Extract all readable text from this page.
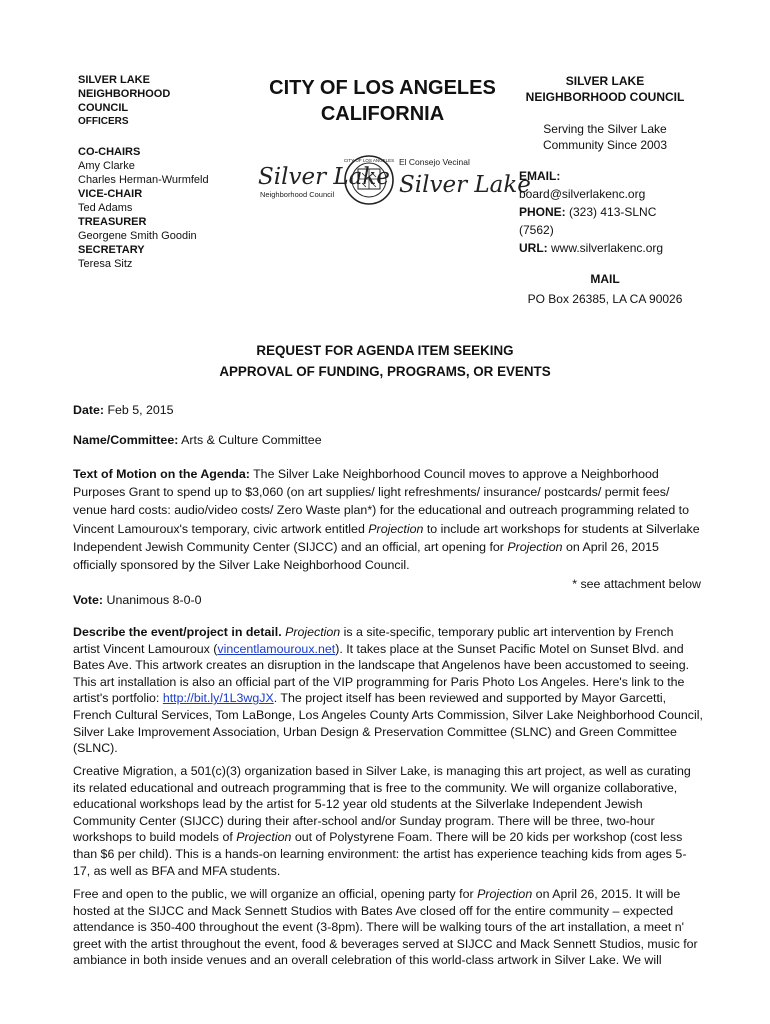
SILVER LAKE
NEIGHBORHOOD
COUNCIL
OFFICERS
CO-CHAIRS
Amy Clarke
Charles Herman-Wurmfeld
VICE-CHAIR
Ted Adams
TREASURER
Georgene Smith Goodin
SECRETARY
Teresa Sitz
CITY OF LOS ANGELES
CALIFORNIA
Silver Lake
Neighborhood Council
CITY OF LOS ANGELES El Consejo Vecinal
Silver Lake
SILVER LAKE
NEIGHBORHOOD COUNCIL
Serving the Silver Lake
Community Since 2003
EMAIL:
board@silverlakenc.org
PHONE: (323) 413-SLNC
(7562)
URL: www.silverlakenc.org
MAIL
PO Box 26385, LA CA 90026
REQUEST FOR AGENDA ITEM SEEKING
APPROVAL OF FUNDING, PROGRAMS, OR EVENTS
Date: Feb 5, 2015
Name/Committee: Arts & Culture Committee
Text of Motion on the Agenda: The Silver Lake Neighborhood Council moves to approve a Neighborhood Purposes Grant to spend up to $3,060 (on art supplies/ light refreshments/ insurance/ postcards/ permit fees/ venue hard costs: audio/video costs/ Zero Waste plan*) for the educational and outreach programming related to Vincent Lamouroux's temporary, civic artwork entitled Projection to include art workshops for students at Silverlake Independent Jewish Community Center (SIJCC) and an official, art opening for Projection on April 26, 2015 officially sponsored by the Silver Lake Neighborhood Council.
* see attachment below
Vote: Unanimous 8-0-0
Describe the event/project in detail. Projection is a site-specific, temporary public art intervention by French artist Vincent Lamouroux (vincentlamouroux.net). It takes place at the Sunset Pacific Motel on Sunset Blvd. and Bates Ave. This artwork creates an disruption in the landscape that Angelenos have been accustomed to seeing. This art installation is also an official part of the VIP programming for Paris Photo Los Angeles. Here's link to the artist's portfolio: http://bit.ly/1L3wgJX. The project itself has been reviewed and supported by Mayor Garcetti, French Cultural Services, Tom LaBonge, Los Angeles County Arts Commission, Silver Lake Neighborhood Council, Silver Lake Improvement Association, Urban Design & Preservation Committee (SLNC) and Green Committee (SLNC).
Creative Migration, a 501(c)(3) organization based in Silver Lake, is managing this art project, as well as curating its related educational and outreach programming that is free to the community. We will organize collaborative, educational workshops lead by the artist for 5-12 year old students at the Silverlake Independent Jewish Community Center (SIJCC) during their after-school and/or Sunday program. There will be three, two-hour workshops to build models of Projection out of Polystyrene Foam. There will be 20 kids per workshop (cost less than $6 per child). This is a hands-on learning environment: the artist has experience teaching kids from ages 5-17, as well as BFA and MFA students.
Free and open to the public, we will organize an official, opening party for Projection on April 26, 2015. It will be hosted at the SIJCC and Mack Sennett Studios with Bates Ave closed off for the entire community – expected attendance is 350-400 throughout the event (3-8pm). There will be walking tours of the art installation, a meet n' greet with the artist throughout the event, food & beverages served at SIJCC and Mack Sennett Studios, music for ambiance in both inside venues and an overall celebration of this world-class artwork in Silver Lake. We will
